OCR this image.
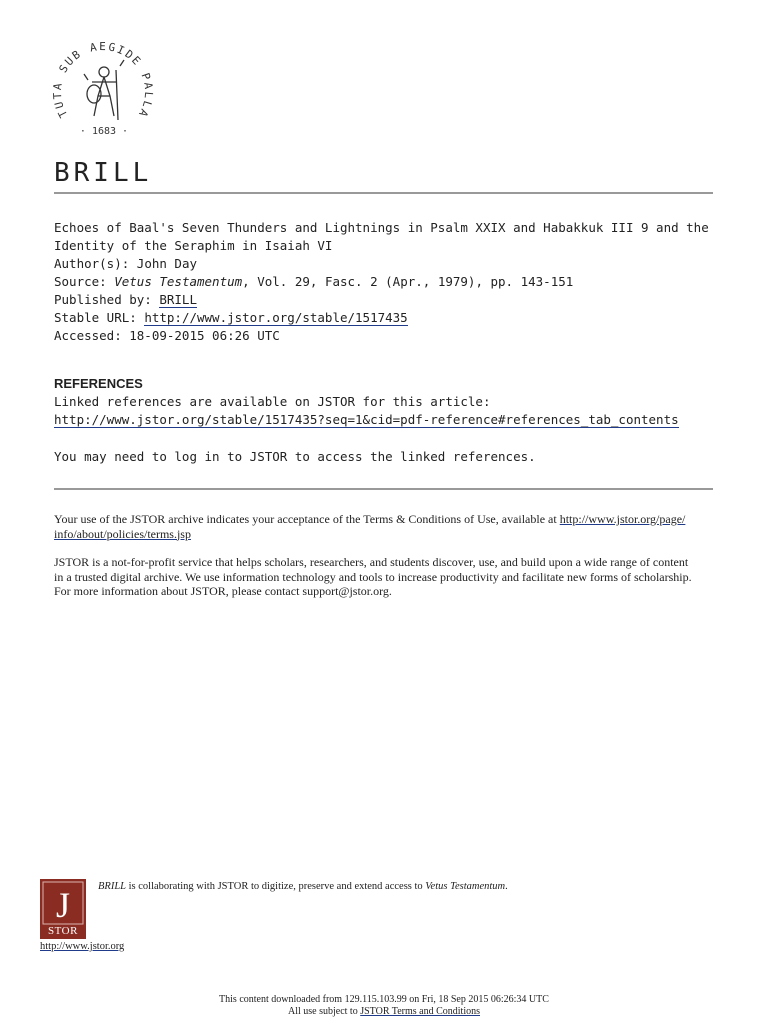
TUTA SUB AEGIDE PALLA
· 1683 ·
BRILL
Echoes of Baal's Seven Thunders and Lightnings in Psalm XXIX and Habakkuk III 9 and the
Identity of the Seraphim in Isaiah VI
Author(s): John Day
Source: Vetus Testamentum, Vol. 29, Fasc. 2 (Apr., 1979), pp. 143-151
Published by: BRILL
Stable URL: http://www.jstor.org/stable/1517435
Accessed: 18-09-2015 06:26 UTC
REFERENCES
Linked references are available on JSTOR for this article:
http://www.jstor.org/stable/1517435?seq=1&cid=pdf-reference#references_tab_contents
You may need to log in to JSTOR to access the linked references.
Your use of the JSTOR archive indicates your acceptance of the Terms & Conditions of Use, available at http://www.jstor.org/page/
info/about/policies/terms.jsp
JSTOR is a not-for-profit service that helps scholars, researchers, and students discover, use, and build upon a wide range of content
in a trusted digital archive. We use information technology and tools to increase productivity and facilitate new forms of scholarship.
For more information about JSTOR, please contact support@jstor.org.
J
STOR
http://www.jstor.org
BRILL is collaborating with JSTOR to digitize, preserve and extend access to Vetus Testamentum.
This content downloaded from 129.115.103.99 on Fri, 18 Sep 2015 06:26:34 UTC
All use subject to JSTOR Terms and Conditions
